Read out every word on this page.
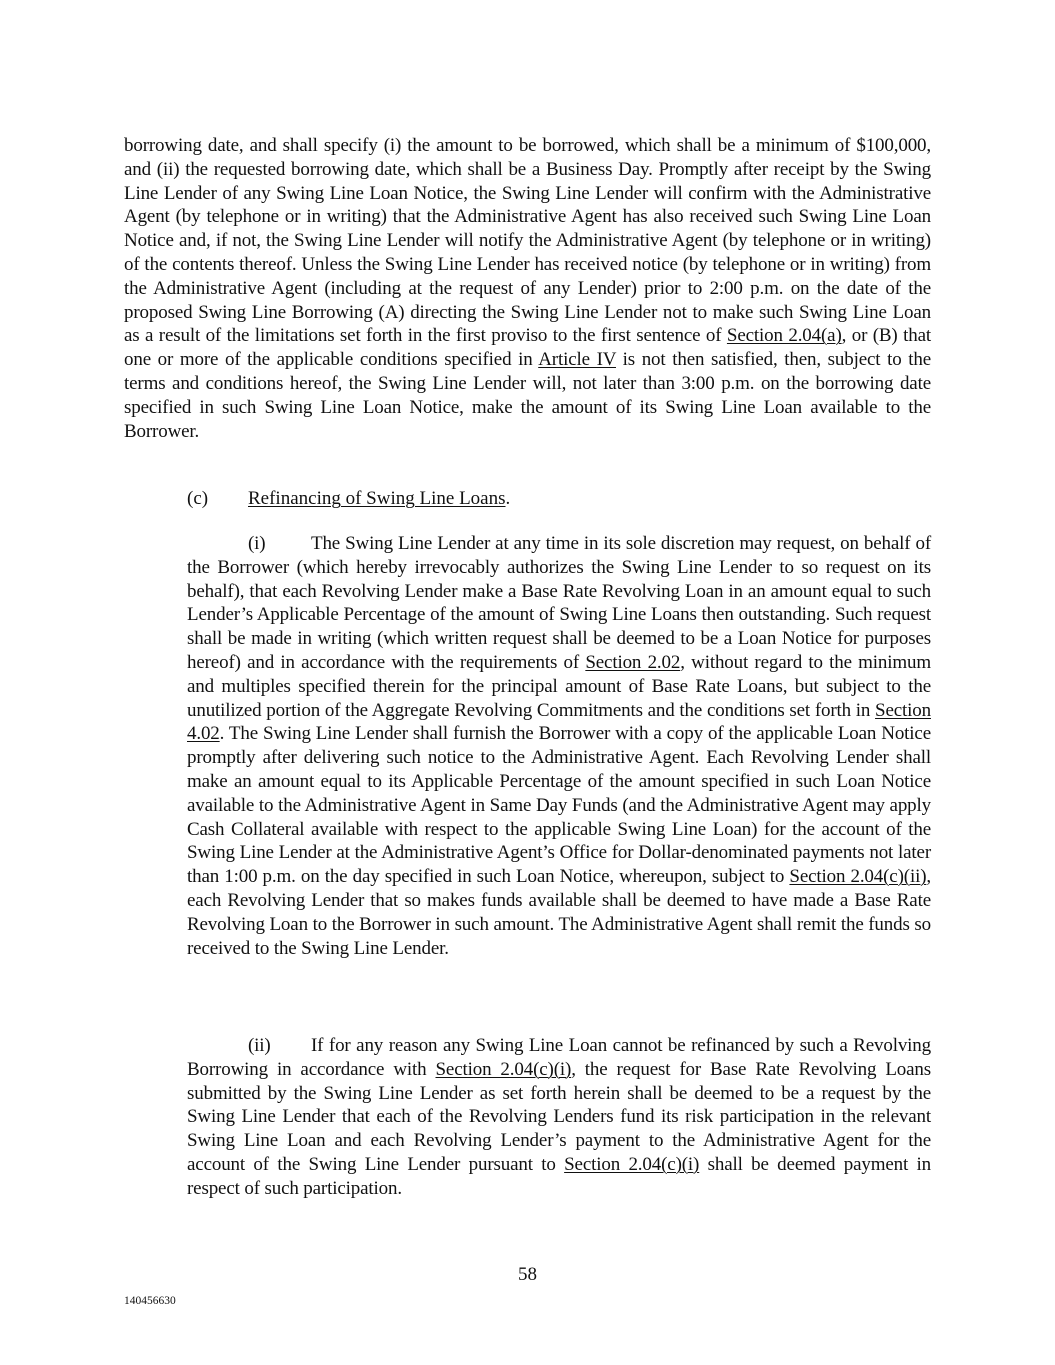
borrowing date, and shall specify (i) the amount to be borrowed, which shall be a minimum of $100,000, and (ii) the requested borrowing date, which shall be a Business Day. Promptly after receipt by the Swing Line Lender of any Swing Line Loan Notice, the Swing Line Lender will confirm with the Administrative Agent (by telephone or in writing) that the Administrative Agent has also received such Swing Line Loan Notice and, if not, the Swing Line Lender will notify the Administrative Agent (by telephone or in writing) of the contents thereof. Unless the Swing Line Lender has received notice (by telephone or in writing) from the Administrative Agent (including at the request of any Lender) prior to 2:00 p.m. on the date of the proposed Swing Line Borrowing (A) directing the Swing Line Lender not to make such Swing Line Loan as a result of the limitations set forth in the first proviso to the first sentence of Section 2.04(a), or (B) that one or more of the applicable conditions specified in Article IV is not then satisfied, then, subject to the terms and conditions hereof, the Swing Line Lender will, not later than 3:00 p.m. on the borrowing date specified in such Swing Line Loan Notice, make the amount of its Swing Line Loan available to the Borrower.

(c) Refinancing of Swing Line Loans.

(i) The Swing Line Lender at any time in its sole discretion may request, on behalf of the Borrower (which hereby irrevocably authorizes the Swing Line Lender to so request on its behalf), that each Revolving Lender make a Base Rate Revolving Loan in an amount equal to such Lender’s Applicable Percentage of the amount of Swing Line Loans then outstanding. Such request shall be made in writing (which written request shall be deemed to be a Loan Notice for purposes hereof) and in accordance with the requirements of Section 2.02, without regard to the minimum and multiples specified therein for the principal amount of Base Rate Loans, but subject to the unutilized portion of the Aggregate Revolving Commitments and the conditions set forth in Section 4.02. The Swing Line Lender shall furnish the Borrower with a copy of the applicable Loan Notice promptly after delivering such notice to the Administrative Agent. Each Revolving Lender shall make an amount equal to its Applicable Percentage of the amount specified in such Loan Notice available to the Administrative Agent in Same Day Funds (and the Administrative Agent may apply Cash Collateral available with respect to the applicable Swing Line Loan) for the account of the Swing Line Lender at the Administrative Agent’s Office for Dollar-denominated payments not later than 1:00 p.m. on the day specified in such Loan Notice, whereupon, subject to Section 2.04(c)(ii), each Revolving Lender that so makes funds available shall be deemed to have made a Base Rate Revolving Loan to the Borrower in such amount. The Administrative Agent shall remit the funds so received to the Swing Line Lender.

(ii) If for any reason any Swing Line Loan cannot be refinanced by such a Revolving Borrowing in accordance with Section 2.04(c)(i), the request for Base Rate Revolving Loans submitted by the Swing Line Lender as set forth herein shall be deemed to be a request by the Swing Line Lender that each of the Revolving Lenders fund its risk participation in the relevant Swing Line Loan and each Revolving Lender’s payment to the Administrative Agent for the account of the Swing Line Lender pursuant to Section 2.04(c)(i) shall be deemed payment in respect of such participation.

58
140456630
